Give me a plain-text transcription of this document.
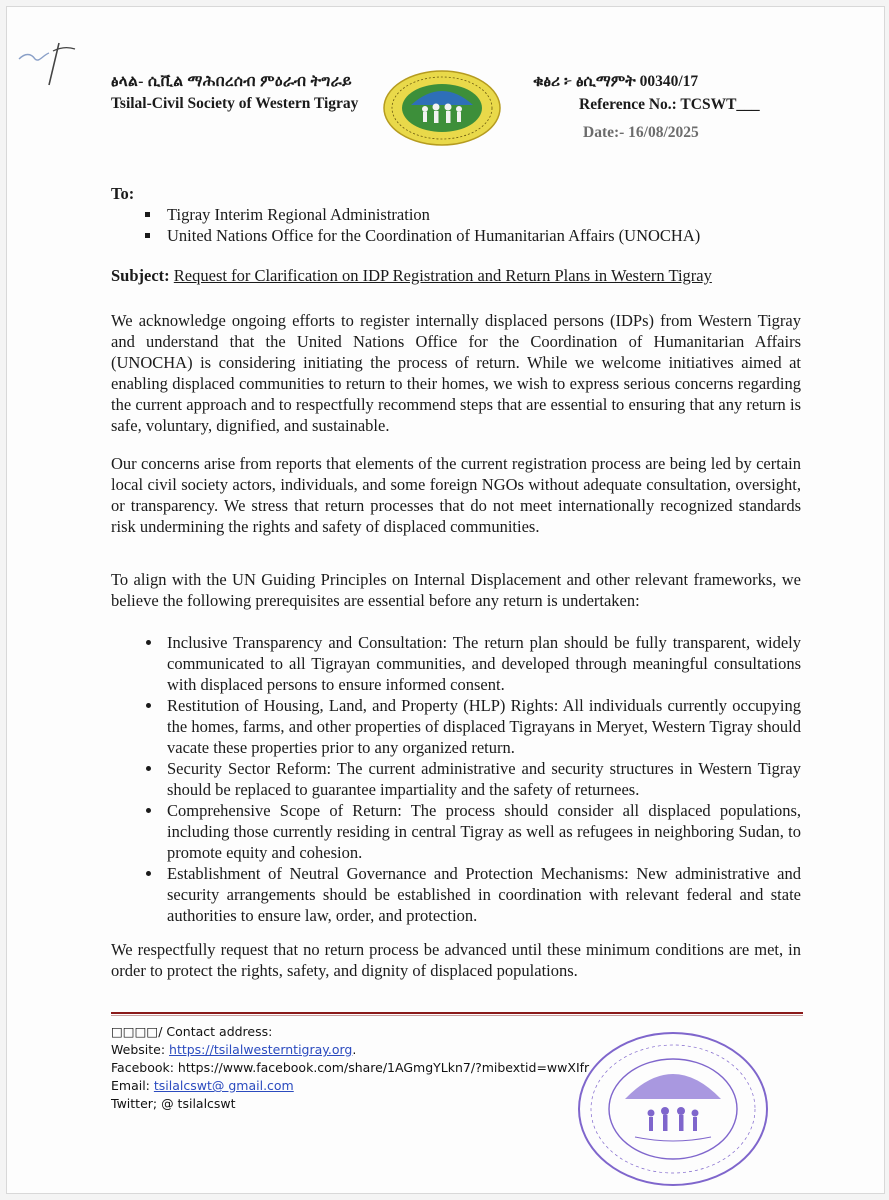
ፅላል- ሲቪል ማሕበረሰብ ምዕራብ ትግራይ
Tsilal-Civil Society of Western Tigray
ቁፅሪ ፦ ፅሲማምት 00340/17
Reference No.: TCSWT___
Date:- 16/08/2025
To:
Tigray Interim Regional Administration
United Nations Office for the Coordination of Humanitarian Affairs (UNOCHA)
Subject: Request for Clarification on IDP Registration and Return Plans in Western Tigray
We acknowledge ongoing efforts to register internally displaced persons (IDPs) from Western Tigray and understand that the United Nations Office for the Coordination of Humanitarian Affairs (UNOCHA) is considering initiating the process of return. While we welcome initiatives aimed at enabling displaced communities to return to their homes, we wish to express serious concerns regarding the current approach and to respectfully recommend steps that are essential to ensuring that any return is safe, voluntary, dignified, and sustainable.
Our concerns arise from reports that elements of the current registration process are being led by certain local civil society actors, individuals, and some foreign NGOs without adequate consultation, oversight, or transparency. We stress that return processes that do not meet internationally recognized standards risk undermining the rights and safety of displaced communities.
To align with the UN Guiding Principles on Internal Displacement and other relevant frameworks, we believe the following prerequisites are essential before any return is undertaken:
Inclusive Transparency and Consultation: The return plan should be fully transparent, widely communicated to all Tigrayan communities, and developed through meaningful consultations with displaced persons to ensure informed consent.
Restitution of Housing, Land, and Property (HLP) Rights: All individuals currently occupying the homes, farms, and other properties of displaced Tigrayans in Meryet, Western Tigray should vacate these properties prior to any organized return.
Security Sector Reform: The current administrative and security structures in Western Tigray should be replaced to guarantee impartiality and the safety of returnees.
Comprehensive Scope of Return: The process should consider all displaced populations, including those currently residing in central Tigray as well as refugees in neighboring Sudan, to promote equity and cohesion.
Establishment of Neutral Governance and Protection Mechanisms: New administrative and security arrangements should be established in coordination with relevant federal and state authorities to ensure law, order, and protection.
We respectfully request that no return process be advanced until these minimum conditions are met, in order to protect the rights, safety, and dignity of displaced populations.
□□□□/ Contact address:
Website: https://tsilalwesterntigray.org.
Facebook: https://www.facebook.com/share/1AGmgYLkn7/?mibextid=wwXIfr
Email: tsilalcswt@ gmail.com
Twitter; @ tsilalcswt
